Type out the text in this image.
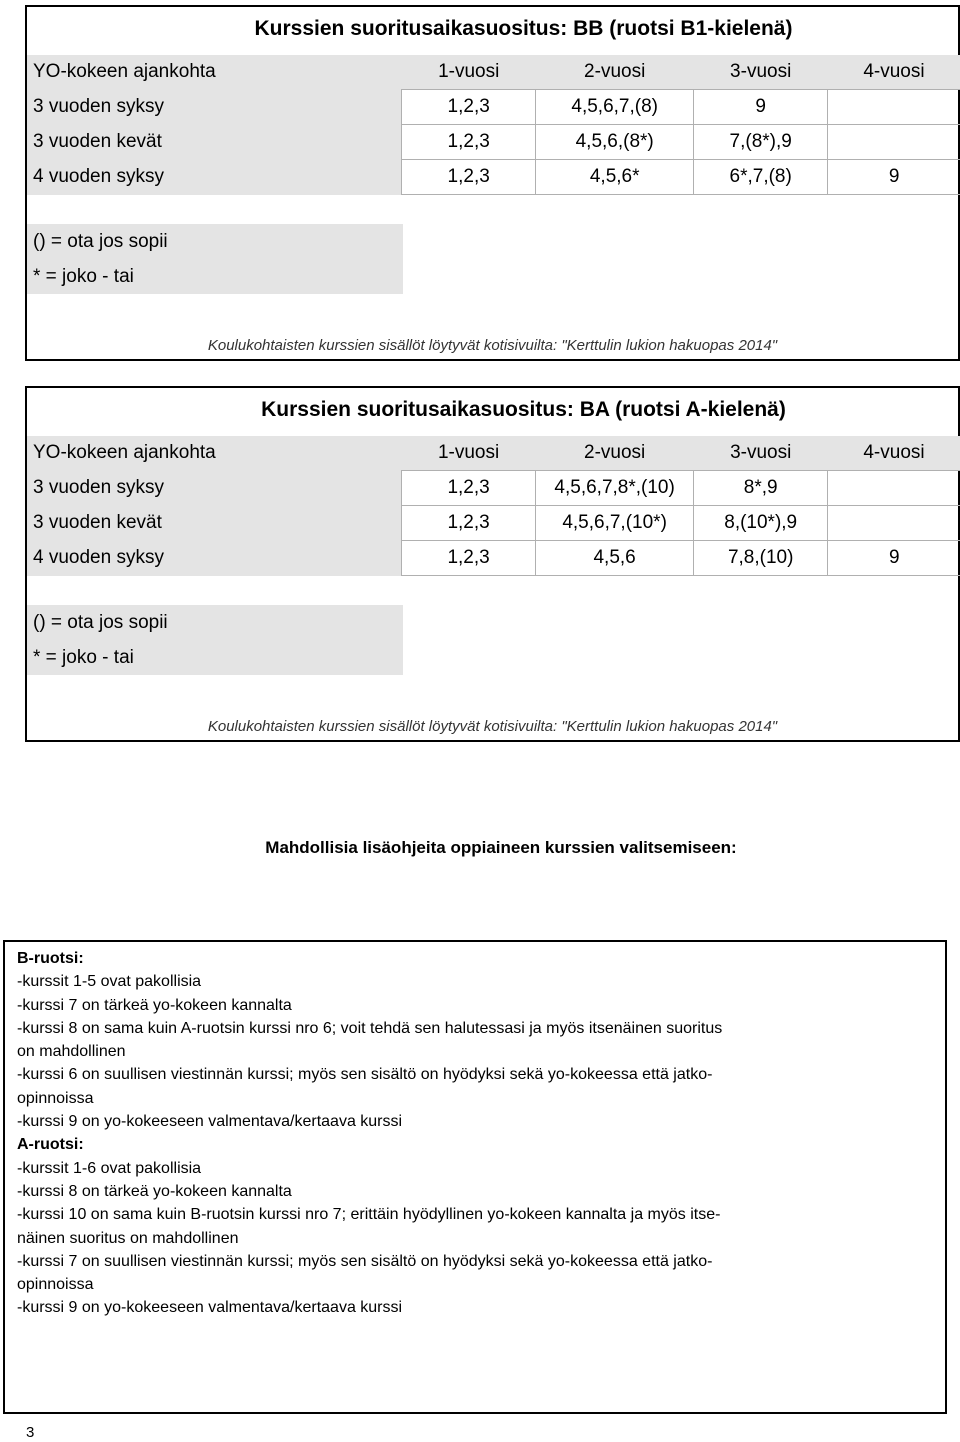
Kurssien suoritusaikasuositus: BB (ruotsi B1-kielenä)
YO-kokeen ajankohta	1-vuosi	2-vuosi	3-vuosi	4-vuosi
3 vuoden syksy	1,2,3	4,5,6,7,(8)	9	
3 vuoden kevät	1,2,3	4,5,6,(8*)	7,(8*),9	
4 vuoden syksy	1,2,3	4,5,6*	6*,7,(8)	9
() = ota jos sopii
* = joko - tai
Koulukohtaisten kurssien sisällöt löytyvät kotisivuilta: "Kerttulin lukion hakuopas 2014"
Kurssien suoritusaikasuositus: BA (ruotsi A-kielenä)
YO-kokeen ajankohta	1-vuosi	2-vuosi	3-vuosi	4-vuosi
3 vuoden syksy	1,2,3	4,5,6,7,8*,(10)	8*,9	
3 vuoden kevät	1,2,3	4,5,6,7,(10*)	8,(10*),9	
4 vuoden syksy	1,2,3	4,5,6	7,8,(10)	9
() = ota jos sopii
* = joko - tai
Koulukohtaisten kurssien sisällöt löytyvät kotisivuilta: "Kerttulin lukion hakuopas 2014"
Mahdollisia lisäohjeita oppiaineen kurssien valitsemiseen:
B-ruotsi:
-kurssit 1-5 ovat pakollisia
-kurssi 7 on tärkeä yo-kokeen kannalta
-kurssi 8 on sama kuin A-ruotsin kurssi nro 6; voit tehdä sen halutessasi ja myös itsenäinen suoritus
on mahdollinen
-kurssi 6 on suullisen viestinnän kurssi; myös sen sisältö on hyödyksi sekä yo-kokeessa että jatko-
opinnoissa
-kurssi 9 on yo-kokeeseen valmentava/kertaava kurssi
A-ruotsi:
-kurssit 1-6 ovat pakollisia
-kurssi 8 on tärkeä yo-kokeen kannalta
-kurssi 10 on sama kuin B-ruotsin kurssi nro 7; erittäin hyödyllinen yo-kokeen kannalta ja myös itse-
näinen suoritus on mahdollinen
-kurssi 7 on suullisen viestinnän kurssi; myös sen sisältö on hyödyksi sekä yo-kokeessa että jatko-
opinnoissa
-kurssi 9 on yo-kokeeseen valmentava/kertaava kurssi
3
